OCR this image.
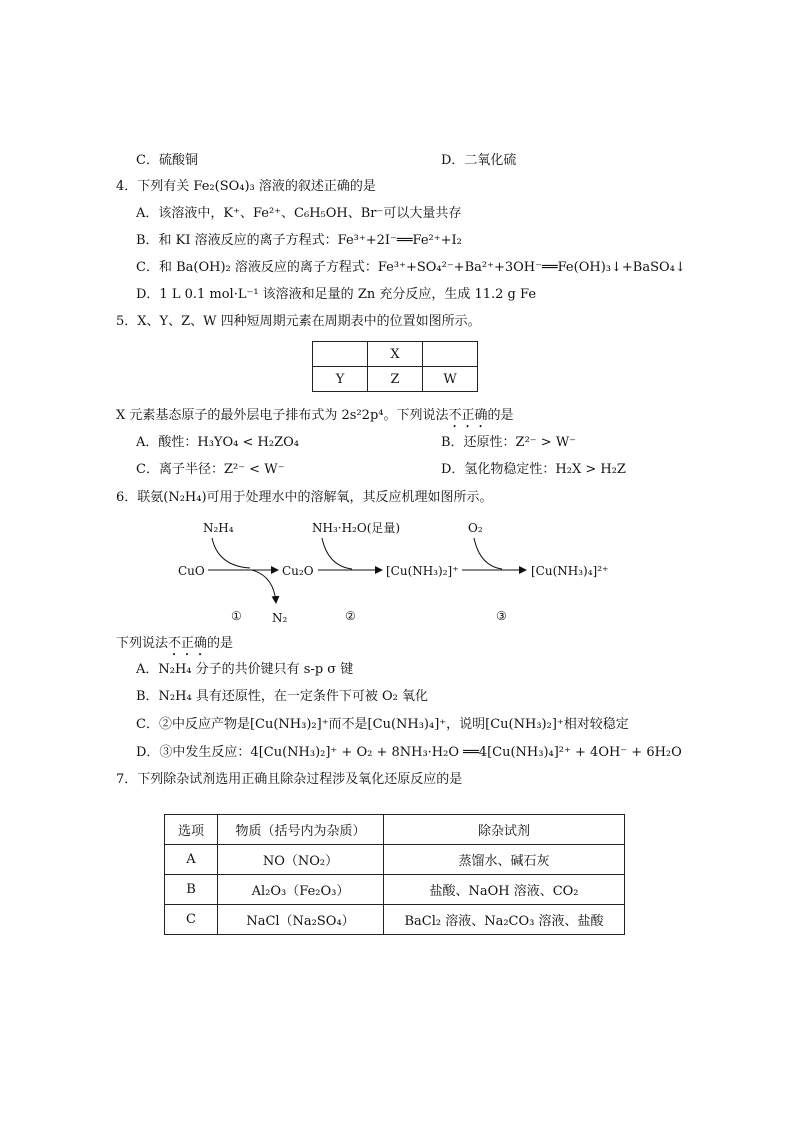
C．硫酸铜	D．二氧化硫
4．下列有关 Fe₂(SO₄)₃ 溶液的叙述正确的是
A．该溶液中，K⁺、Fe²⁺、C₆H₅OH、Br⁻可以大量共存
B．和 KI 溶液反应的离子方程式：Fe³⁺+2I⁻══Fe²⁺+I₂
C．和 Ba(OH)₂ 溶液反应的离子方程式：Fe³⁺+SO₄²⁻+Ba²⁺+3OH⁻══Fe(OH)₃↓+BaSO₄↓
D．1 L 0.1 mol·L⁻¹ 该溶液和足量的 Zn 充分反应，生成 11.2 g Fe
5．X、Y、Z、W 四种短周期元素在周期表中的位置如图所示。
	X	
Y	Z	W
X 元素基态原子的最外层电子排布式为 2s²2p⁴。下列说法不正确的是
A．酸性：H₃YO₄ < H₂ZO₄	B．还原性：Z²⁻ > W⁻
C．离子半径：Z²⁻ < W⁻	D．氢化物稳定性：H₂X > H₂Z
6．联氨(N₂H₄)可用于处理水中的溶解氧，其反应机理如图所示。
N₂H₄	NH₃·H₂O(足量)	O₂
CuO	Cu₂O	[Cu(NH₃)₂]⁺	[Cu(NH₃)₄]²⁺
N₂
①	②	③
下列说法不正确的是
A．N₂H₄ 分子的共价键只有 s-p σ 键
B．N₂H₄ 具有还原性，在一定条件下可被 O₂ 氧化
C．②中反应产物是[Cu(NH₃)₂]⁺而不是[Cu(NH₃)₄]⁺，说明[Cu(NH₃)₂]⁺相对较稳定
D．③中发生反应：4[Cu(NH₃)₂]⁺ + O₂ + 8NH₃·H₂O ══4[Cu(NH₃)₄]²⁺ + 4OH⁻ + 6H₂O
7．下列除杂试剂选用正确且除杂过程涉及氧化还原反应的是
选项	物质（括号内为杂质）	除杂试剂
A	NO（NO₂）	蒸馏水、碱石灰
B	Al₂O₃（Fe₂O₃）	盐酸、NaOH 溶液、CO₂
C	NaCl（Na₂SO₄）	BaCl₂ 溶液、Na₂CO₃ 溶液、盐酸
